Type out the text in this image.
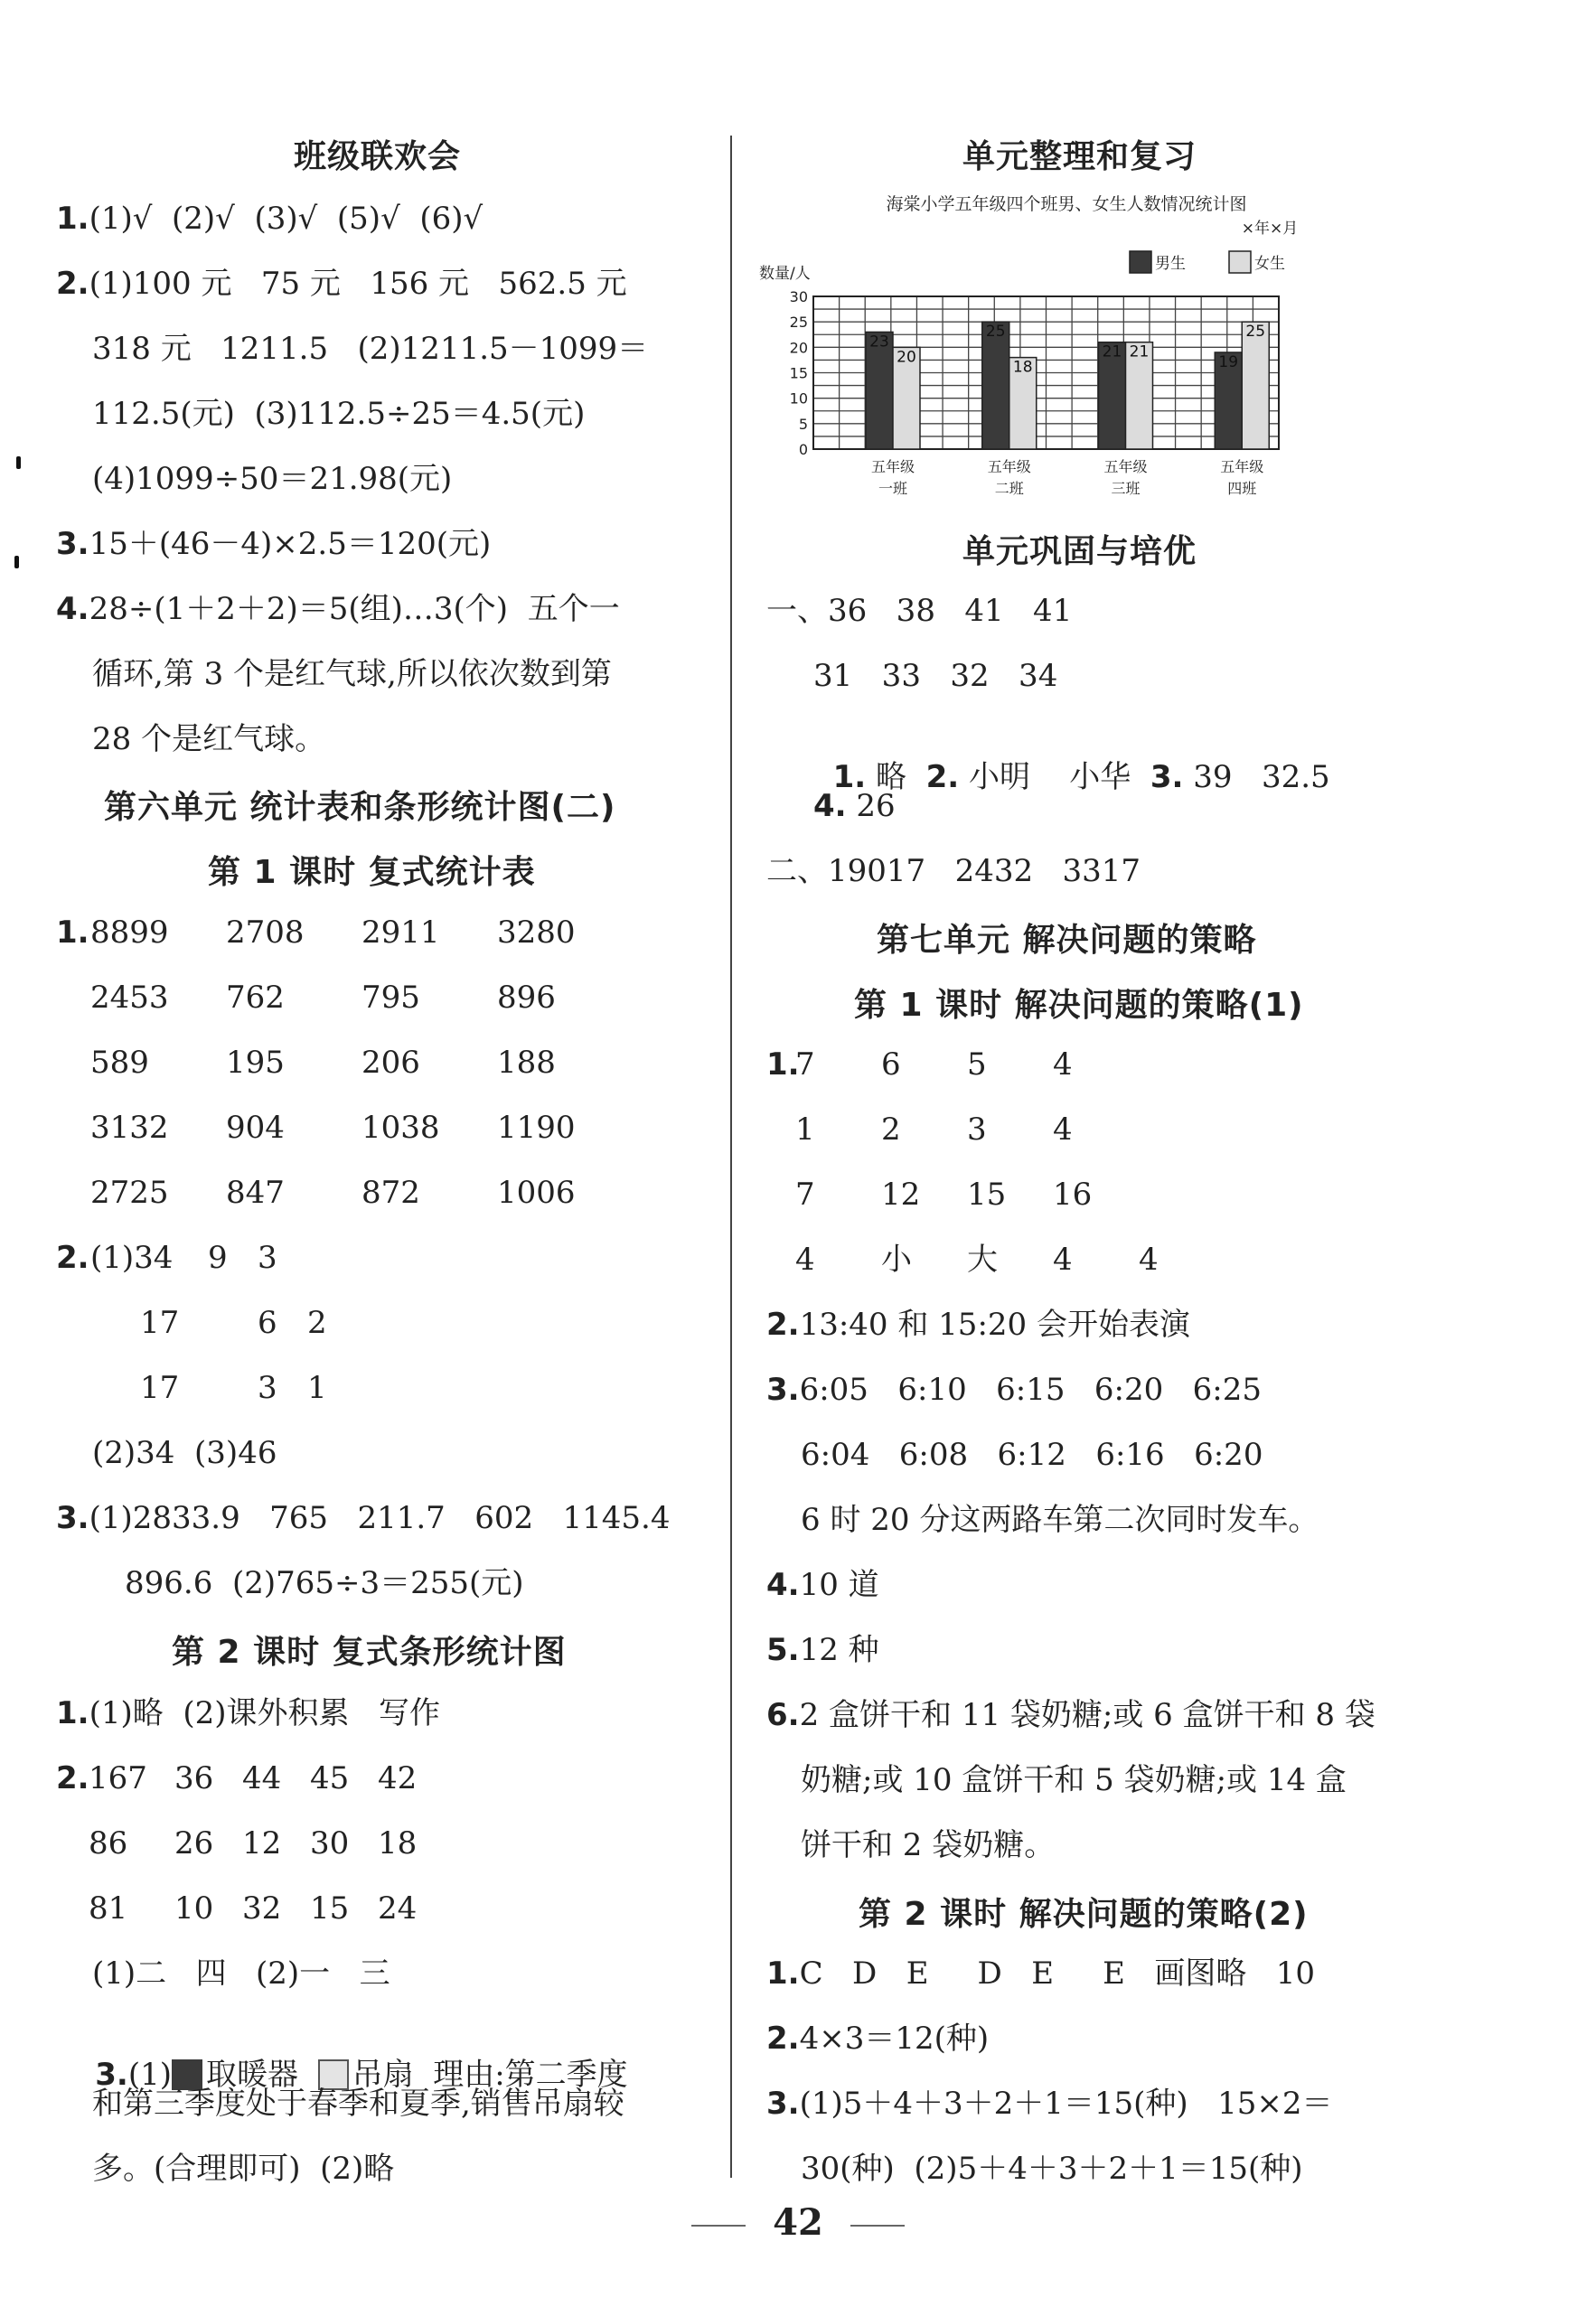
班级联欢会
1.(1)√  (2)√  (3)√  (5)√  (6)√
2.(1)100 元   75 元   156 元   562.5 元
318 元   1211.5   (2)1211.5－1099＝
112.5(元)  (3)112.5÷25＝4.5(元)
(4)1099÷50＝21.98(元)
3.15＋(46－4)×2.5＝120(元)
4.28÷(1＋2＋2)＝5(组)…3(个)  五个一
循环,第 3 个是红气球,所以依次数到第
28 个是红气球。
第六单元 统计表和条形统计图(二)
第 1 课时 复式统计表
1. 8899 2708 2911 3280
2453 762	795	896
589	195	206	188
3132 904	1038 1190
2725 847	872	1006
2. (1)34 9 3
17	6 2
17	3 1
(2)34  (3)46
3.(1)2833.9   765   211.7   602   1145.4
896.6  (2)765÷3＝255(元)
第 2 课时 复式条形统计图
1.(1)略  (2)课外积累   写作
2. 167 36 44 45 42
86 26 12 30 18
81 10 32 15 24
(1)二   四   (2)一   三

3.(1) 取暖器 吊扇  理由:第二季度

和第三季度处于春季和夏季,销售吊扇较
多。(合理即可)  (2)略
单元整理和复习
海棠小学五年级四个班男、女生人数情况统计图
×年×月
数量/人
0
5
10
15
20
25
30
23
20
五年级
一班
25
18
五年级
二班
21 21
五年级
三班
19
25
五年级
四班
男生	女生
单元巩固与培优
一、36   38   41   41
31   33   32   34

1. 略  2. 小明    小华  3. 39   32.5

4. 26
二、19017   2432   3317
第七单元 解决问题的策略
第 1 课时 解决问题的策略(1)
1.
7 6 5 4
1 2 3 4
7 12 15 16
4 小 大 4 4
2.13:40 和 15:20 会开始表演
3.6:05   6:10   6:15   6:20   6:25
6:04   6:08   6:12   6:16   6:20
6 时 20 分这两路车第二次同时发车。
4.10 道
5.12 种
6.2 盒饼干和 11 袋奶糖;或 6 盒饼干和 8 袋
奶糖;或 10 盒饼干和 5 袋奶糖;或 14 盒
饼干和 2 袋奶糖。
第 2 课时 解决问题的策略(2)
1.C   D   E     D   E     E   画图略   10
2.4×3＝12(种)
3.(1)5＋4＋3＋2＋1＝15(种)   15×2＝
30(种)  (2)5＋4＋3＋2＋1＝15(种)
42
